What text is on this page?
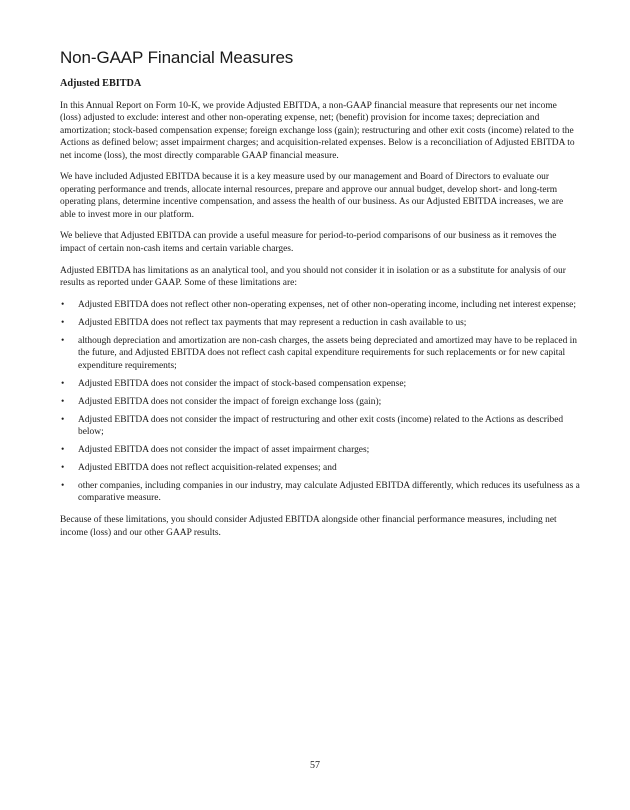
Non-GAAP Financial Measures
Adjusted EBITDA

In this Annual Report on Form 10-K, we provide Adjusted EBITDA, a non-GAAP financial measure that represents our net income (loss) adjusted to exclude: interest and other non-operating expense, net; (benefit) provision for income taxes; depreciation and amortization; stock-based compensation expense; foreign exchange loss (gain); restructuring and other exit costs (income) related to the Actions as defined below; asset impairment charges; and acquisition-related expenses. Below is a reconciliation of Adjusted EBITDA to net income (loss), the most directly comparable GAAP financial measure.

We have included Adjusted EBITDA because it is a key measure used by our management and Board of Directors to evaluate our operating performance and trends, allocate internal resources, prepare and approve our annual budget, develop short- and long-term operating plans, determine incentive compensation, and assess the health of our business. As our Adjusted EBITDA increases, we are able to invest more in our platform.

We believe that Adjusted EBITDA can provide a useful measure for period-to-period comparisons of our business as it removes the impact of certain non-cash items and certain variable charges.

Adjusted EBITDA has limitations as an analytical tool, and you should not consider it in isolation or as a substitute for analysis of our results as reported under GAAP. Some of these limitations are:

• Adjusted EBITDA does not reflect other non-operating expenses, net of other non-operating income, including net interest expense;
• Adjusted EBITDA does not reflect tax payments that may represent a reduction in cash available to us;
• although depreciation and amortization are non-cash charges, the assets being depreciated and amortized may have to be replaced in the future, and Adjusted EBITDA does not reflect cash capital expenditure requirements for such replacements or for new capital expenditure requirements;
• Adjusted EBITDA does not consider the impact of stock-based compensation expense;
• Adjusted EBITDA does not consider the impact of foreign exchange loss (gain);
• Adjusted EBITDA does not consider the impact of restructuring and other exit costs (income) related to the Actions as described below;
• Adjusted EBITDA does not consider the impact of asset impairment charges;
• Adjusted EBITDA does not reflect acquisition-related expenses; and
• other companies, including companies in our industry, may calculate Adjusted EBITDA differently, which reduces its usefulness as a comparative measure.

Because of these limitations, you should consider Adjusted EBITDA alongside other financial performance measures, including net income (loss) and our other GAAP results.

57
